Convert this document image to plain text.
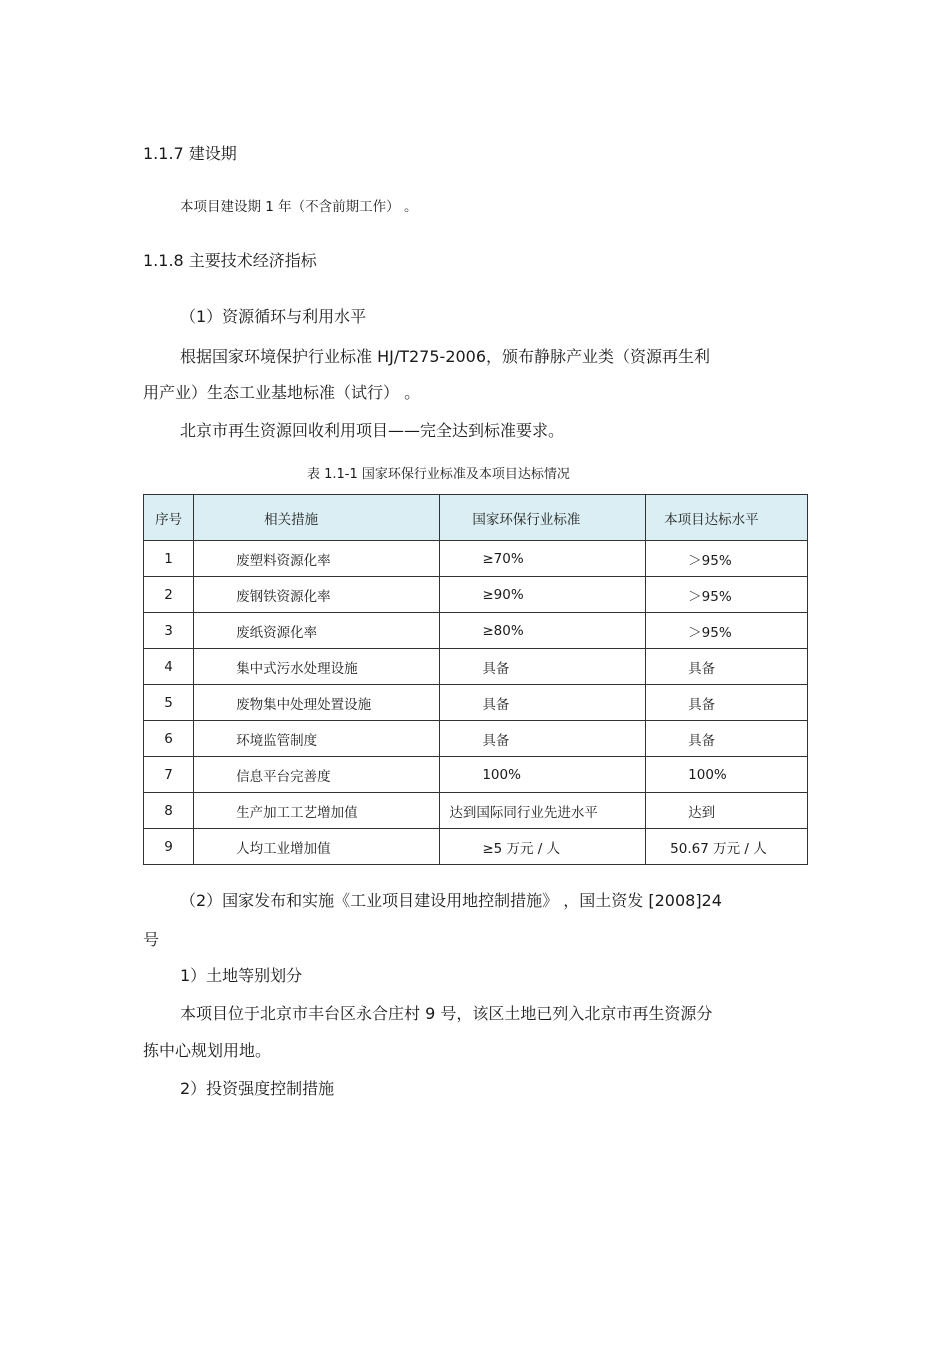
1.1.7 建设期
本项目建设期 1 年（不含前期工作） 。
1.1.8 主要技术经济指标
（1）资源循环与利用水平
根据国家环境保护行业标准 HJ/T275-2006，颁布静脉产业类（资源再生利
用产业）生态工业基地标准（试行） 。
北京市再生资源回收利用项目——完全达到标准要求。
表 1.1-1 国家环保行业标准及本项目达标情况
序号	相关措施	国家环保行业标准	本项目达标水平
1	废塑料资源化率	≥70%	＞95%
2	废钢铁资源化率	≥90%	＞95%
3	废纸资源化率	≥80%	＞95%
4	集中式污水处理设施	具备	具备
5	废物集中处理处置设施	具备	具备
6	环境监管制度	具备	具备
7	信息平台完善度	100%	100%
8	生产加工工艺增加值	达到国际同行业先进水平	达到
9	人均工业增加值	≥5 万元 / 人	50.67 万元 / 人
（2）国家发布和实施《工业项目建设用地控制措施》 ，国土资发 [2008]24
号
1）土地等别划分
本项目位于北京市丰台区永合庄村 9 号，该区土地已列入北京市再生资源分
拣中心规划用地。
2）投资强度控制措施
